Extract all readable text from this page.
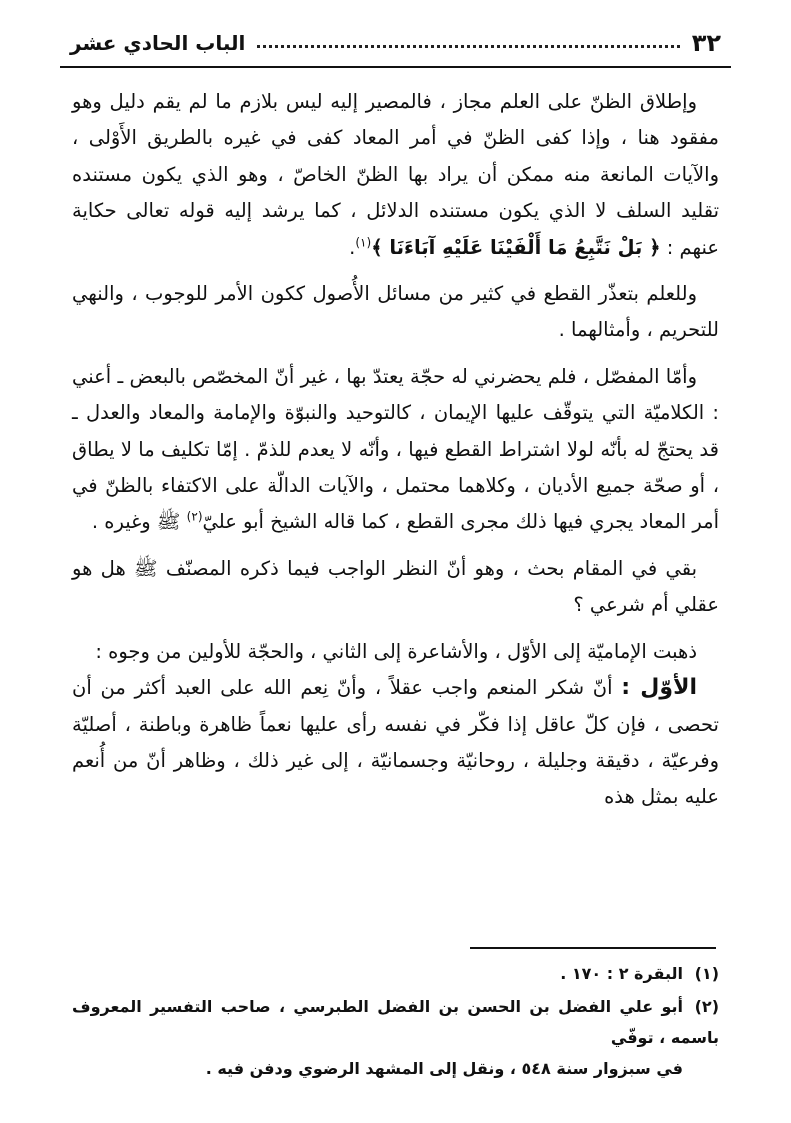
٣٢
الباب الحادي عشر

وإطلاق الظنّ على العلم مجاز ، فالمصير إليه ليس بلازم ما لم يقم دليل وهو مفقود هنا ، وإذا كفى الظنّ في أمر المعاد كفى في غيره بالطريق الأَوْلى ، والآيات المانعة منه ممكن أن يراد بها الظنّ الخاصّ ، وهو الذي يكون مستنده تقليد السلف لا الذي يكون مستنده الدلائل ، كما يرشد إليه قوله تعالى حكاية عنهم : ﴿ بَلْ نَتَّبِعُ مَا أَلْفَيْنَا عَلَيْهِ آبَاءَنَا ﴾$^{(١)}$.

وللعلم بتعذّر القطع في كثير من مسائل الأُصول ككون الأمر للوجوب ، والنهي للتحريم ، وأمثالهما .

وأمّا المفصّل ، فلم يحضرني له حجّة يعتدّ بها ، غير أنّ المخصّص بالبعض ـ أعني : الكلاميّة التي يتوقّف عليها الإيمان ، كالتوحيد والنبوّة والإمامة والمعاد والعدل ـ قد يحتجّ له بأنّه لولا اشتراط القطع فيها ، وأنّه لا يعدم للذمّ . إمّا تكليف ما لا يطاق ، أو صحّة جميع الأديان ، وكلاهما محتمل ، والآيات الدالّة على الاكتفاء بالظنّ في أمر المعاد يجري فيها ذلك مجرى القطع ، كما قاله الشيخ أبو عليّ$^{(٢)}$ ﷺ وغيره .

بقي في المقام بحث ، وهو أنّ النظر الواجب فيما ذكره المصنّف ﷺ هل هو عقلي أم شرعي ؟

ذهبت الإماميّة إلى الأوّل ، والأشاعرة إلى الثاني ، والحجّة للأولين من وجوه :

الأوّل : أنّ شكر المنعم واجب عقلاً ، وأنّ نِعم الله على العبد أكثر من أن تحصى ، فإن كلّ عاقل إذا فكّر في نفسه رأى عليها نعماً ظاهرة وباطنة ، أصليّة وفرعيّة ، دقيقة وجليلة ، روحانيّة وجسمانيّة ، إلى غير ذلك ، وظاهر أنّ من أُنعم عليه بمثل هذه

(١)البقرة ٢ : ١٧٠ .
(٢)أبو علي الفضل بن الحسن بن الفضل الطبرسي ، صاحب التفسير المعروف باسمه ، توفّي
في سبزوار سنة ٥٤٨ ، ونقل إلى المشهد الرضوي ودفن فيه .
